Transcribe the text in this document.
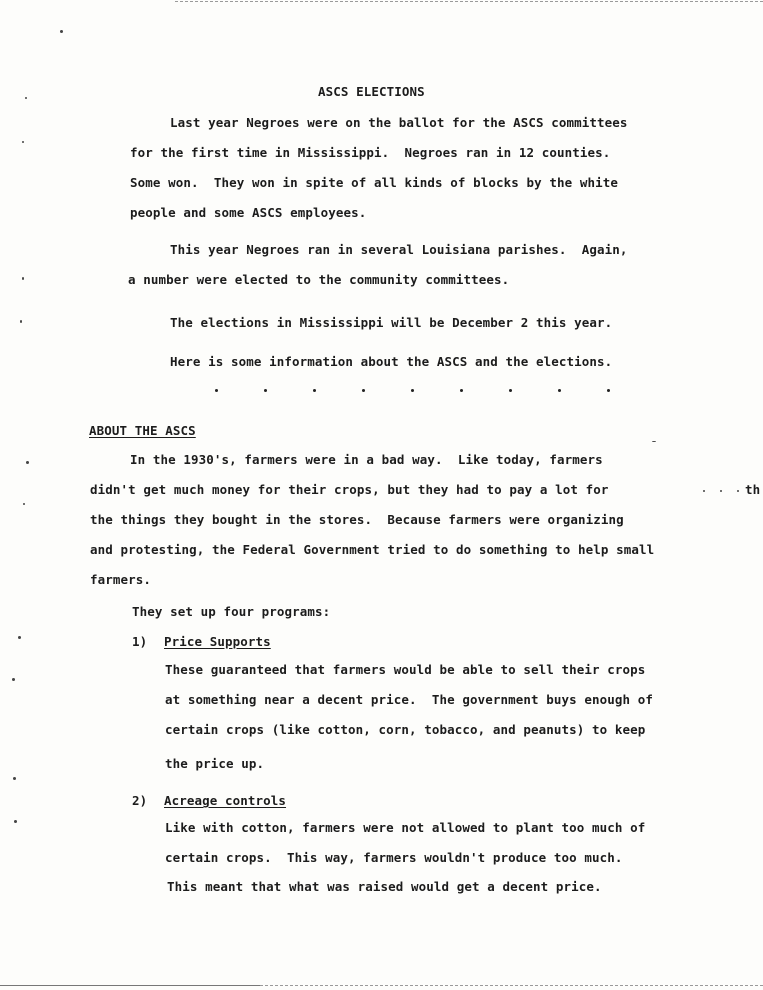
ASCS ELECTIONS
Last year Negroes were on the ballot for the ASCS committees
for the first time in Mississippi.  Negroes ran in 12 counties.
Some won.  They won in spite of all kinds of blocks by the white
people and some ASCS employees.
This year Negroes ran in several Louisiana parishes.  Again,
a number were elected to the community committees.
The elections in Mississippi will be December 2 this year.
Here is some information about the ASCS and the elections.
ABOUT THE ASCS
In the 1930's, farmers were in a bad way.  Like today, farmers
didn't get much money for their crops, but they had to pay a lot for
the things they bought in the stores.  Because farmers were organizing
and protesting, the Federal Government tried to do something to help small
farmers.
th
They set up four programs:
1) Price Supports
These guaranteed that farmers would be able to sell their crops
at something near a decent price.  The government buys enough of
certain crops (like cotton, corn, tobacco, and peanuts) to keep
the price up.
2) Acreage controls
Like with cotton, farmers were not allowed to plant too much of
certain crops.  This way, farmers wouldn't produce too much.
This meant that what was raised would get a decent price.
